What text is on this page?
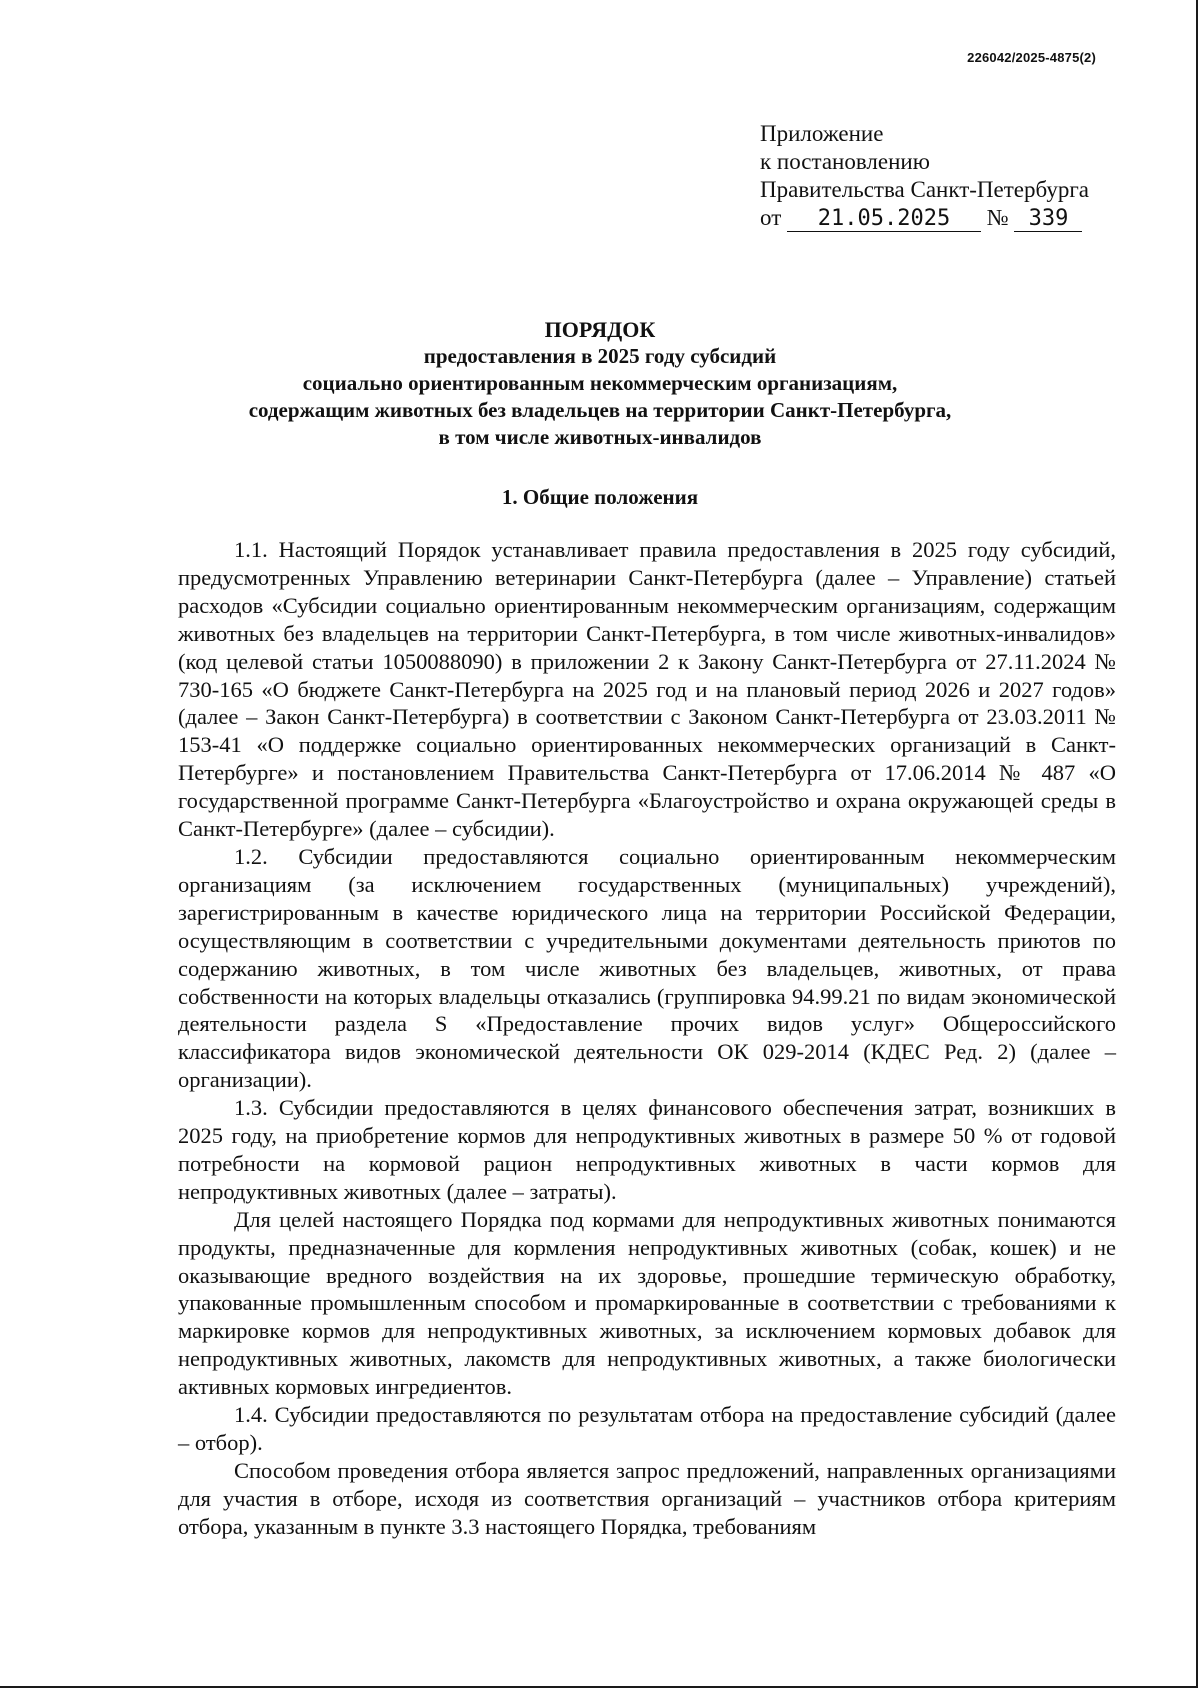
226042/2025-4875(2)
Приложение
к постановлению
Правительства Санкт-Петербурга
от 21.05.2025 № 339
ПОРЯДОК
предоставления в 2025 году субсидий
социально ориентированным некоммерческим организациям,
содержащим животных без владельцев на территории Санкт-Петербурга,
в том числе животных-инвалидов
1. Общие положения

1.1. Настоящий Порядок устанавливает правила предоставления в 2025 году субсидий, предусмотренных Управлению ветеринарии Санкт-Петербурга (далее – Управление) статьей расходов «Субсидии социально ориентированным некоммерческим организациям, содержащим животных без владельцев на территории Санкт-Петербурга, в том числе животных-инвалидов» (код целевой статьи 1050088090) в приложении 2 к Закону Санкт-Петербурга от 27.11.2024 № 730-165 «О бюджете Санкт-Петербурга на 2025 год и на плановый период 2026 и 2027 годов» (далее – Закон Санкт-Петербурга) в соответствии с Законом Санкт-Петербурга от 23.03.2011 № 153-41 «О поддержке социально ориентированных некоммерческих организаций в Санкт-Петербурге» и постановлением Правительства Санкт-Петербурга от 17.06.2014 № 487 «О государственной программе Санкт-Петербурга «Благоустройство и охрана окружающей среды в Санкт-Петербурге» (далее – субсидии).

1.2. Субсидии предоставляются социально ориентированным некоммерческим организациям (за исключением государственных (муниципальных) учреждений), зарегистрированным в качестве юридического лица на территории Российской Федерации, осуществляющим в соответствии с учредительными документами деятельность приютов по содержанию животных, в том числе животных без владельцев, животных, от права собственности на которых владельцы отказались (группировка 94.99.21 по видам экономической деятельности раздела S «Предоставление прочих видов услуг» Общероссийского классификатора видов экономической деятельности ОК 029-2014 (КДЕС Ред. 2) (далее – организации).

1.3. Субсидии предоставляются в целях финансового обеспечения затрат, возникших в 2025 году, на приобретение кормов для непродуктивных животных в размере 50 % от годовой потребности на кормовой рацион непродуктивных животных в части кормов для непродуктивных животных (далее – затраты).

Для целей настоящего Порядка под кормами для непродуктивных животных понимаются продукты, предназначенные для кормления непродуктивных животных (собак, кошек) и не оказывающие вредного воздействия на их здоровье, прошедшие термическую обработку, упакованные промышленным способом и промаркированные в соответствии с требованиями к маркировке кормов для непродуктивных животных, за исключением кормовых добавок для непродуктивных животных, лакомств для непродуктивных животных, а также биологически активных кормовых ингредиентов.

1.4. Субсидии предоставляются по результатам отбора на предоставление субсидий (далее – отбор).

Способом проведения отбора является запрос предложений, направленных организациями для участия в отборе, исходя из соответствия организаций – участников отбора критериям отбора, указанным в пункте 3.3 настоящего Порядка, требованиям
